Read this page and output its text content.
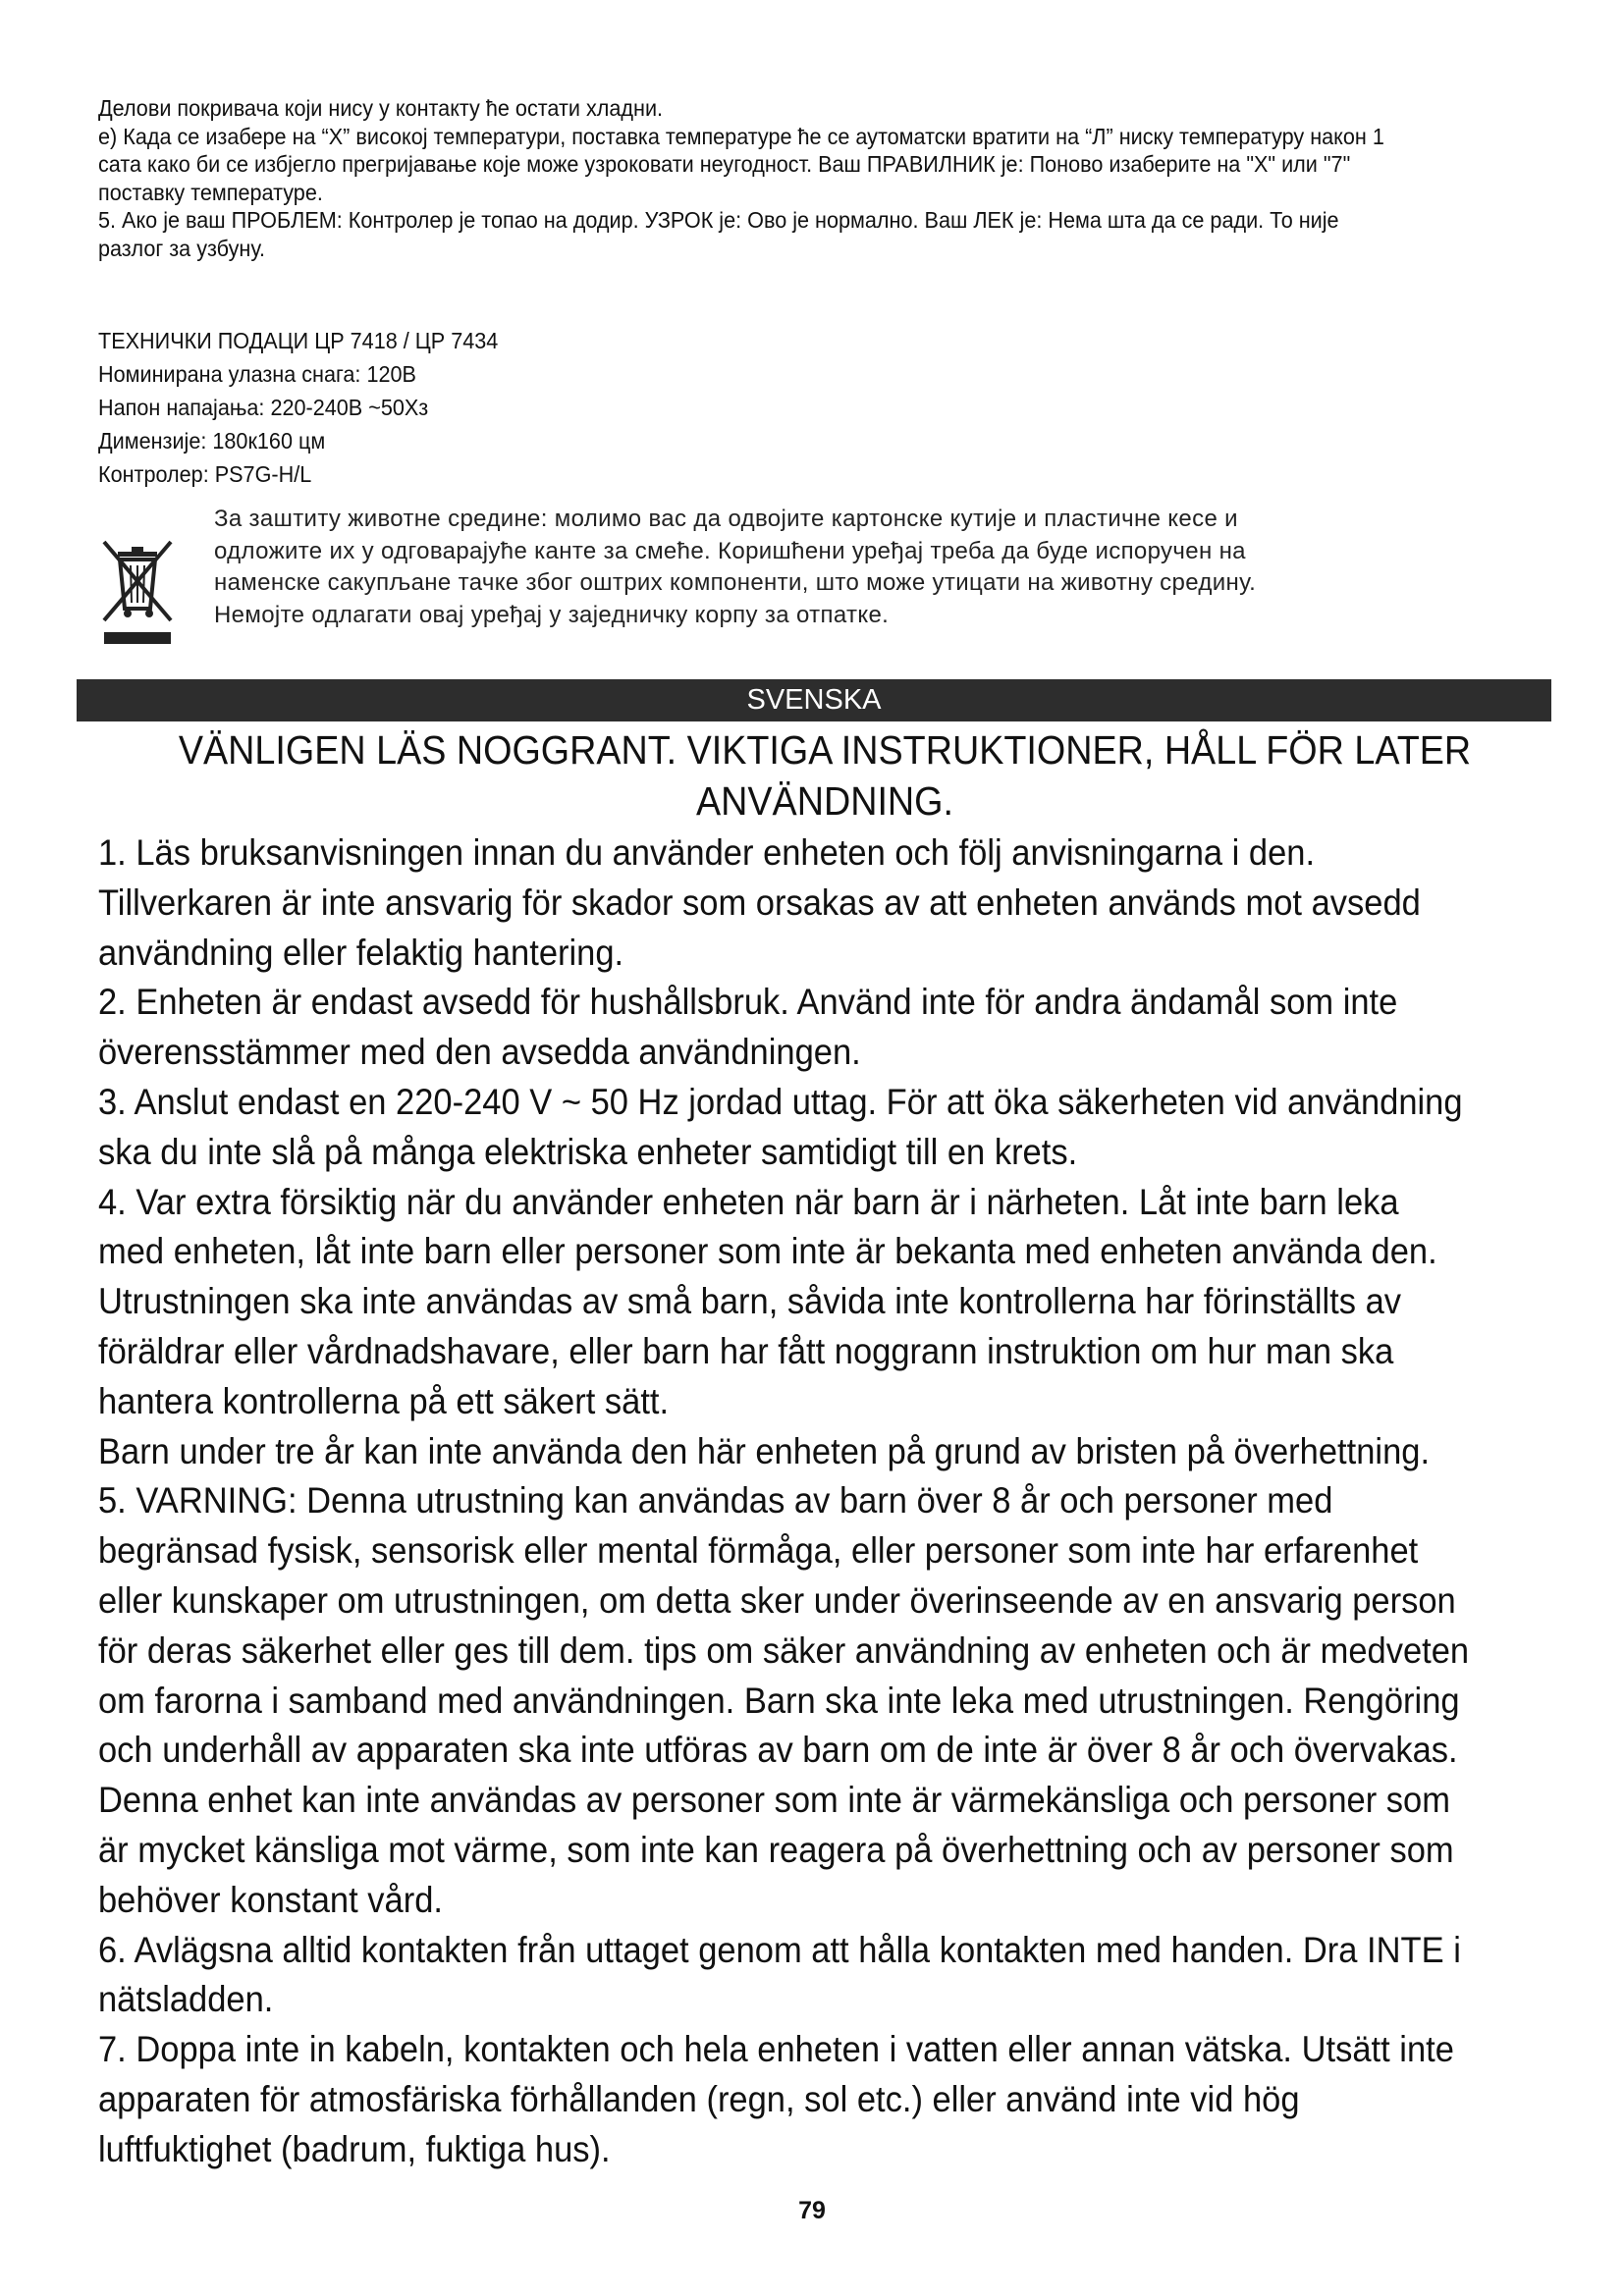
Делови покривача који нису у контакту ће остати хладни.

е) Када се изабере на “Х” високој температури, поставка температуре ће се аутоматски вратити на “Л” ниску температуру након 1

сата како би се избјегло прегријавање које може узроковати неугодност. Ваш ПРАВИЛНИК је: Поново изаберите на "Х" или "7"

поставку температуре.

5. Ако је ваш ПРОБЛЕМ: Контролер је топао на додир. УЗРОК је: Ово је нормално. Ваш ЛЕК је: Нема шта да се ради. То није

разлог за узбуну.

ТЕХНИЧКИ ПОДАЦИ ЦР 7418 / ЦР 7434

Номинирана улазна снага: 120В

Напон напајања: 220-240В ~50Хз

Димензије: 180к160 цм

Контролер: PS7G-H/L

За заштиту животне средине: молимо вас да одвојите картонске кутије и пластичне кесе и

одложите их у одговарајуће канте за смеће. Коришћени уређај треба да буде испоручен на

наменске сакупљане тачке због оштрих компоненти, што може утицати на животну средину.

Немојте одлагати овај уређај у заједничку корпу за отпатке.

SVENSKA
VÄNLIGEN LÄS NOGGRANT. VIKTIGA INSTRUKTIONER, HÅLL FÖR LATER
ANVÄNDNING.

1. Läs bruksanvisningen innan du använder enheten och följ anvisningarna i den.

Tillverkaren är inte ansvarig för skador som orsakas av att enheten används mot avsedd

användning eller felaktig hantering.

2. Enheten är endast avsedd för hushållsbruk. Använd inte för andra ändamål som inte

överensstämmer med den avsedda användningen.

3. Anslut endast en 220-240 V ~ 50 Hz jordad uttag. För att öka säkerheten vid användning

ska du inte slå på många elektriska enheter samtidigt till en krets.

4. Var extra försiktig när du använder enheten när barn är i närheten. Låt inte barn leka

med enheten, låt inte barn eller personer som inte är bekanta med enheten använda den.

Utrustningen ska inte användas av små barn, såvida inte kontrollerna har förinställts av

föräldrar eller vårdnadshavare, eller barn har fått noggrann instruktion om hur man ska

hantera kontrollerna på ett säkert sätt.

Barn under tre år kan inte använda den här enheten på grund av bristen på överhettning.

5. VARNING: Denna utrustning kan användas av barn över 8 år och personer med

begränsad fysisk, sensorisk eller mental förmåga, eller personer som inte har erfarenhet

eller kunskaper om utrustningen, om detta sker under överinseende av en ansvarig person

för deras säkerhet eller ges till dem. tips om säker användning av enheten och är medveten

om farorna i samband med användningen. Barn ska inte leka med utrustningen. Rengöring

och underhåll av apparaten ska inte utföras av barn om de inte är över 8 år och övervakas.

Denna enhet kan inte användas av personer som inte är värmekänsliga och personer som

är mycket känsliga mot värme, som inte kan reagera på överhettning och av personer som

behöver konstant vård.

6. Avlägsna alltid kontakten från uttaget genom att hålla kontakten med handen. Dra INTE i

nätsladden.

7. Doppa inte in kabeln, kontakten och hela enheten i vatten eller annan vätska. Utsätt inte

apparaten för atmosfäriska förhållanden (regn, sol etc.) eller använd inte vid hög

luftfuktighet (badrum, fuktiga hus).

79
